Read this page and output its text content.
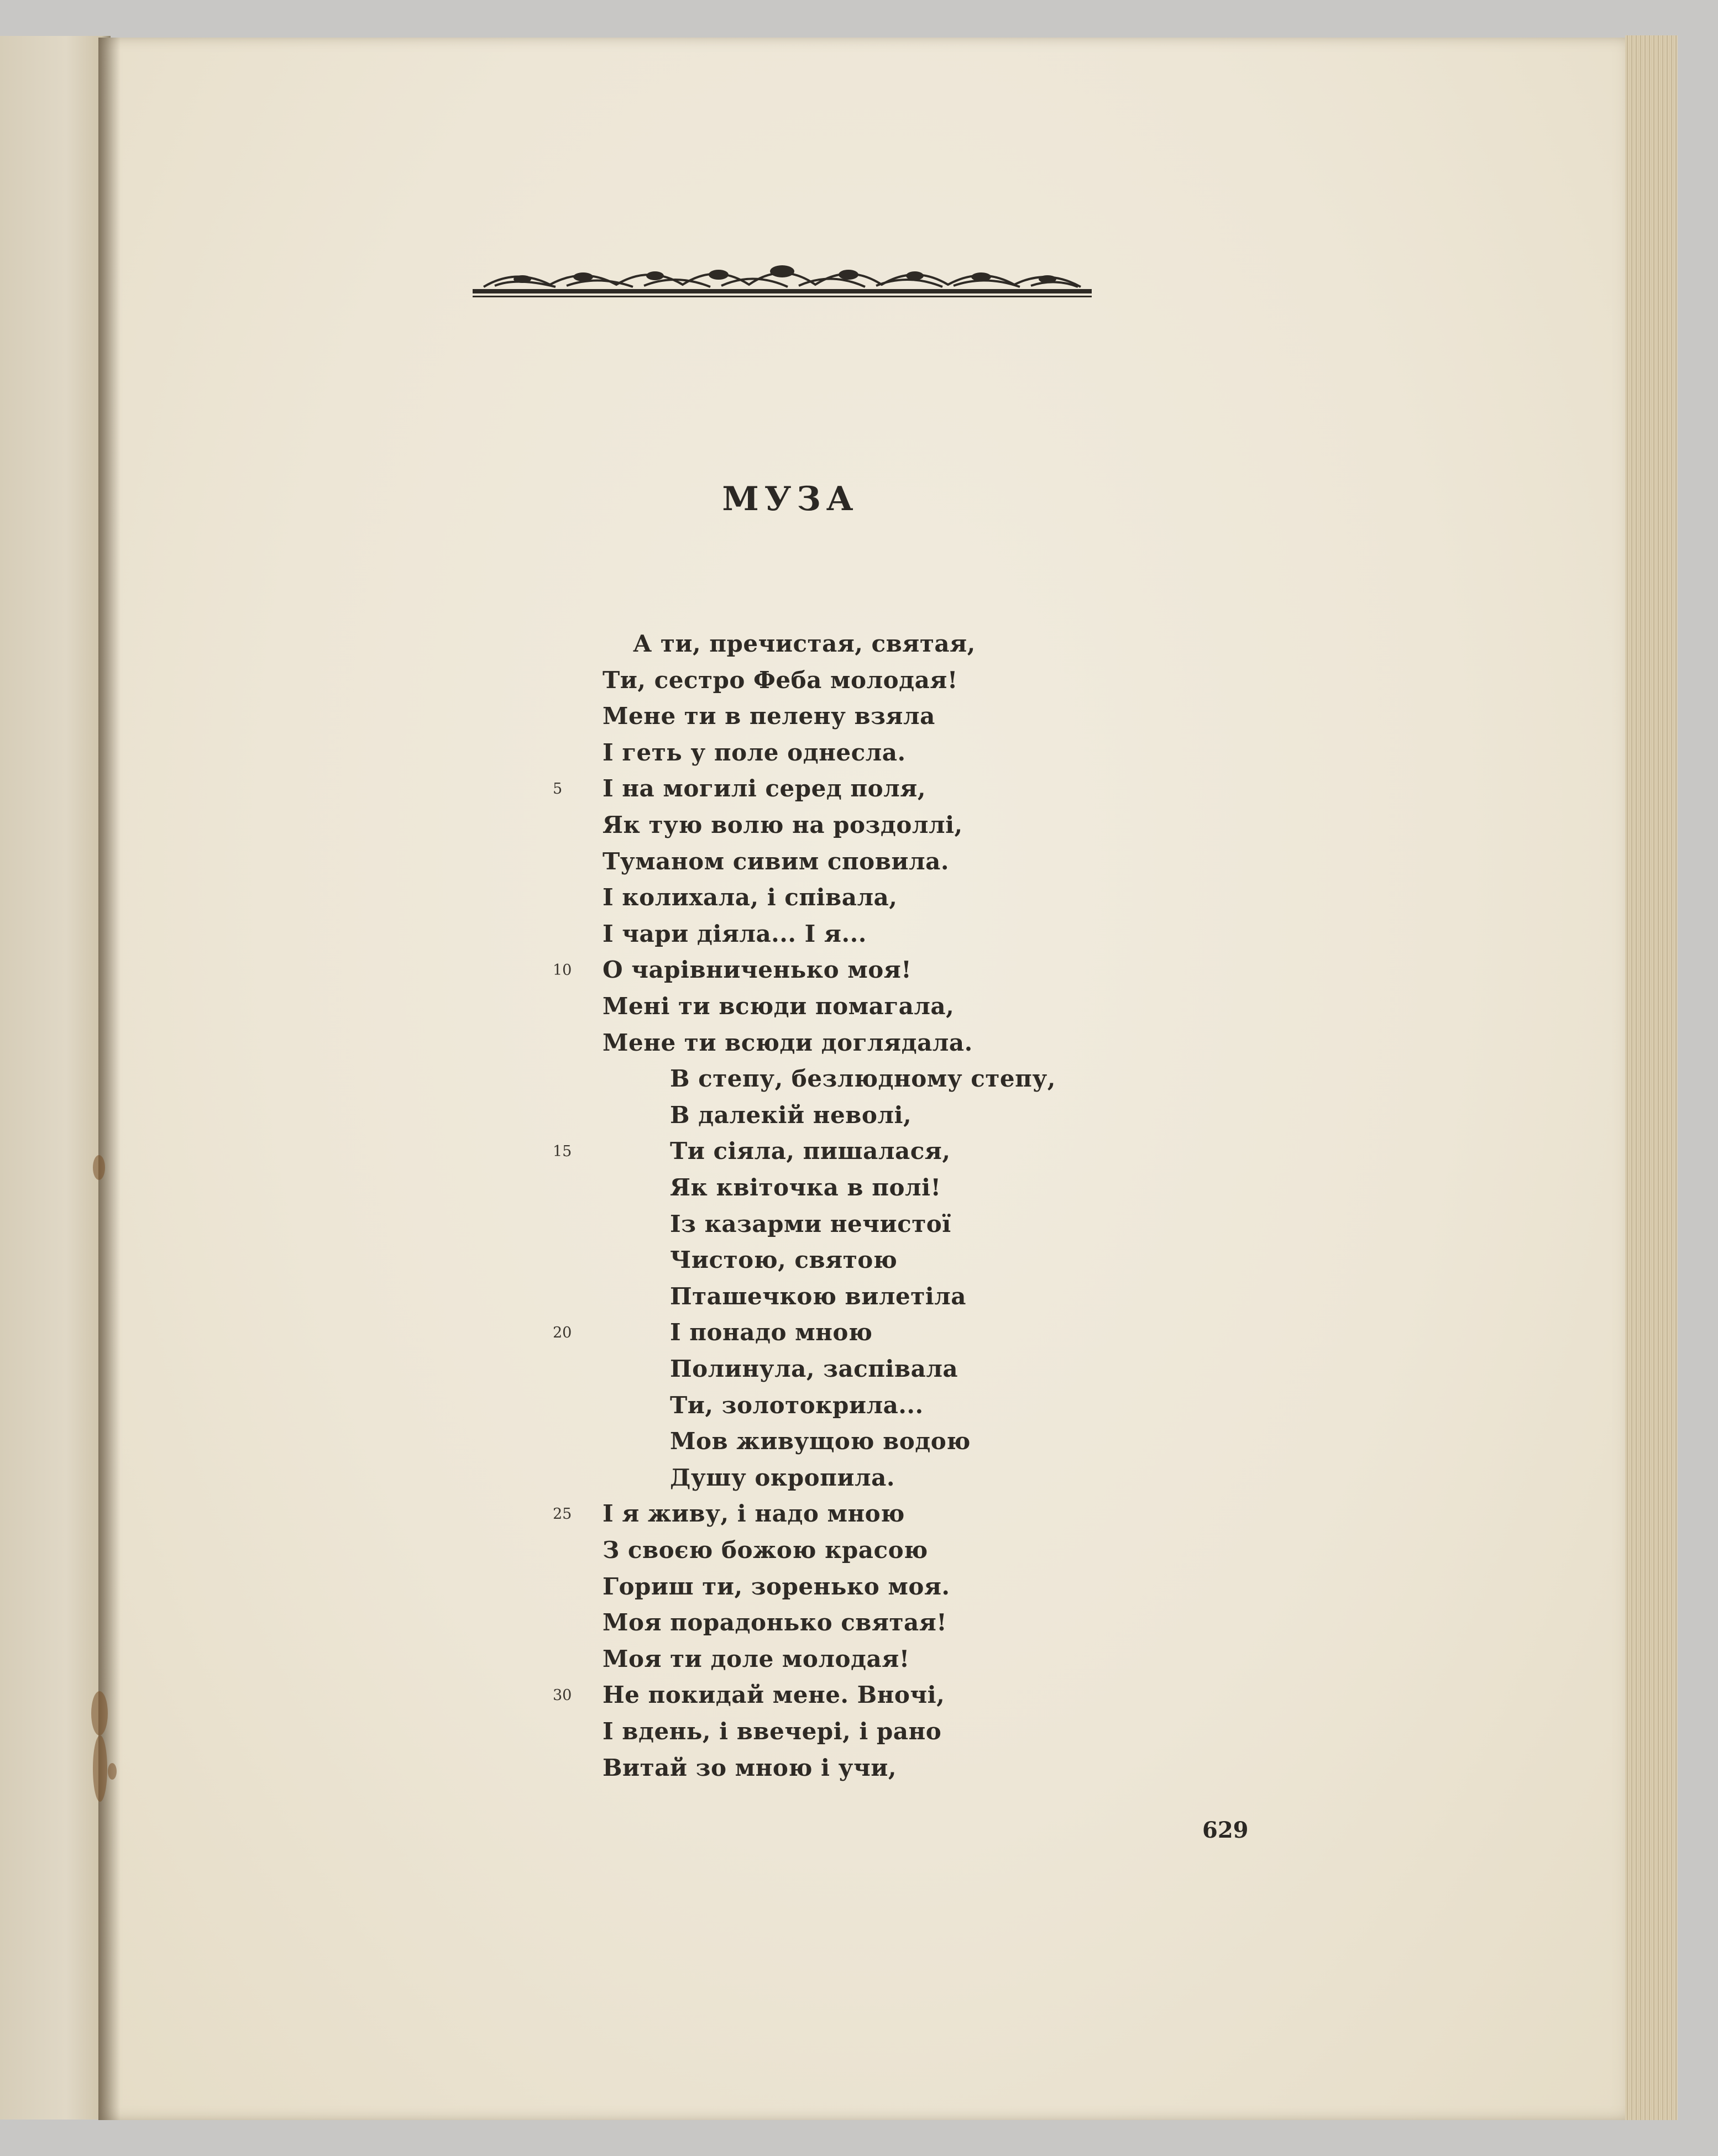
МУЗА
А ти, пречистая, святая,
Ти, сестро Феба молодая!
Мене ти в пелену взяла
І геть у поле однесла.
І на могилі серед поля,
5
Як тую волю на роздоллі,
Туманом сивим сповила.
І колихала, і співала,
І чари діяла... І я...
О чарівниченько моя!
10
Мені ти всюди помагала,
Мене ти всюди доглядала.
В степу, безлюдному степу,
В далекій неволі,
Ти сіяла, пишалася,
15
Як квіточка в полі!
Із казарми нечистої
Чистою, святою
Пташечкою вилетіла
І понадо мною
20
Полинула, заспівала
Ти, золотокрила...
Мов живущою водою
Душу окропила.
І я живу, і надо мною
25
З своєю божою красою
Гориш ти, зоренько моя.
Моя порадонько святая!
Моя ти доле молодая!
Не покидай мене. Вночі,
30
І вдень, і ввечері, і рано
Витай зо мною і учи,
629
